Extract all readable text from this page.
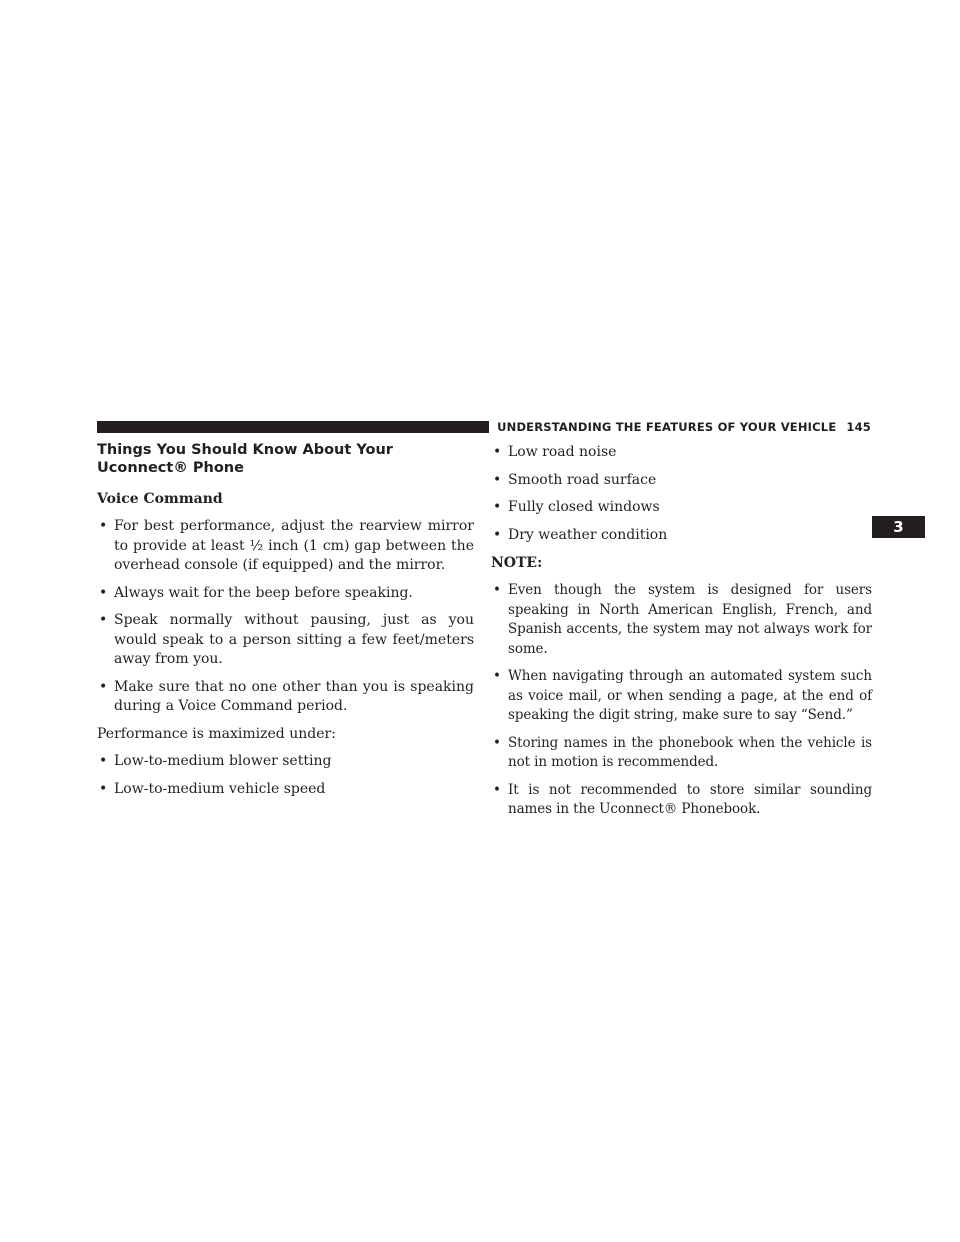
UNDERSTANDING THE FEATURES OF YOUR VEHICLE 145
3
Things You Should Know About Your Uconnect® Phone
Voice Command
• For best performance, adjust the rearview mirror to provide at least ½ inch (1 cm) gap between the overhead console (if equipped) and the mirror.
• Always wait for the beep before speaking.
• Speak normally without pausing, just as you would speak to a person sitting a few feet/meters away from you.
• Make sure that no one other than you is speaking during a Voice Command period.
Performance is maximized under:
• Low-to-medium blower setting
• Low-to-medium vehicle speed
• Low road noise
• Smooth road surface
• Fully closed windows
• Dry weather condition
NOTE:
• Even though the system is designed for users speaking in North American English, French, and Spanish accents, the system may not always work for some.
• When navigating through an automated system such as voice mail, or when sending a page, at the end of speaking the digit string, make sure to say “Send.”
• Storing names in the phonebook when the vehicle is not in motion is recommended.
• It is not recommended to store similar sounding names in the Uconnect® Phonebook.
